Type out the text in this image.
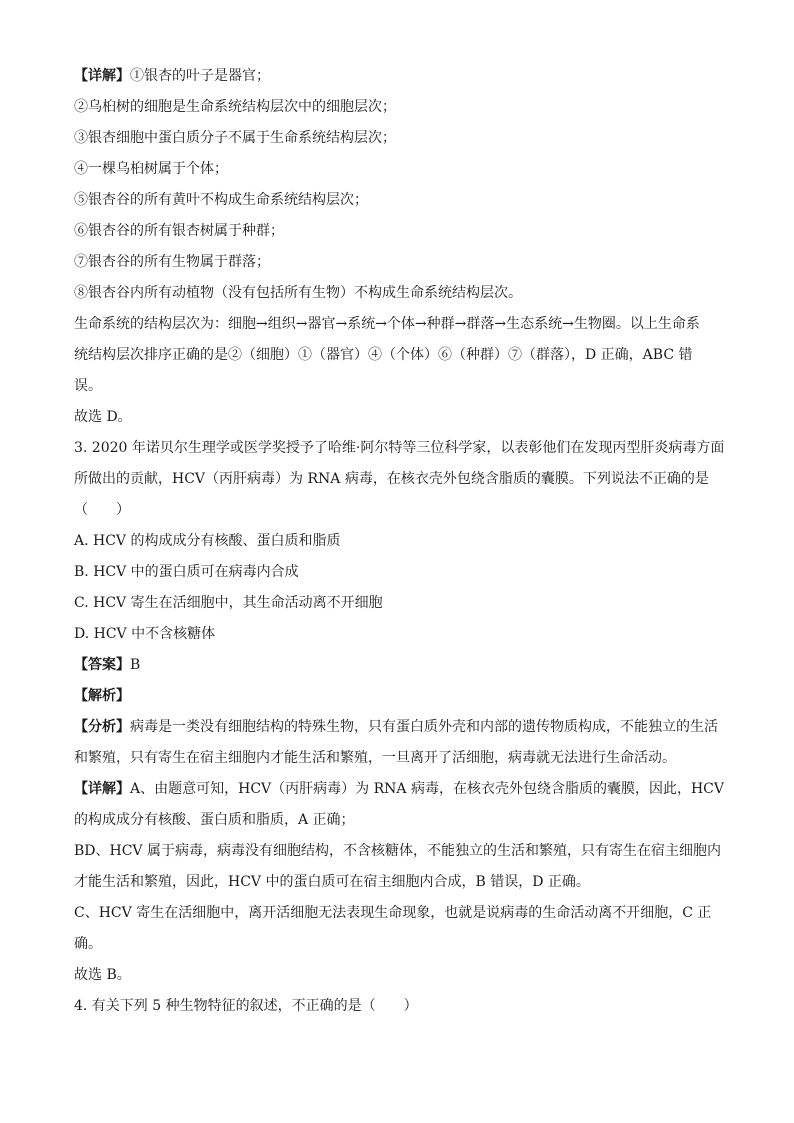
【详解】①银杏的叶子是器官；
②乌桕树的细胞是生命系统结构层次中的细胞层次；
③银杏细胞中蛋白质分子不属于生命系统结构层次；
④一棵乌桕树属于个体；
⑤银杏谷的所有黄叶不构成生命系统结构层次；
⑥银杏谷的所有银杏树属于种群；
⑦银杏谷的所有生物属于群落；
⑧银杏谷内所有动植物（没有包括所有生物）不构成生命系统结构层次。
生命系统的结构层次为：细胞→组织→器官→系统→个体→种群→群落→生态系统→生物圈。以上生命系
统结构层次排序正确的是②（细胞）①（器官）④（个体）⑥（种群）⑦（群落），D 正确，ABC 错
误。
故选 D。
3. 2020 年诺贝尔生理学或医学奖授予了哈维·阿尔特等三位科学家，以表彰他们在发现丙型肝炎病毒方面
所做出的贡献，HCV（丙肝病毒）为 RNA 病毒，在核衣壳外包绕含脂质的囊膜。下列说法不正确的是
（　　）
A. HCV 的构成成分有核酸、蛋白质和脂质
B. HCV 中的蛋白质可在病毒内合成
C. HCV 寄生在活细胞中，其生命活动离不开细胞
D. HCV 中不含核糖体
【答案】B
【解析】
【分析】病毒是一类没有细胞结构的特殊生物，只有蛋白质外壳和内部的遗传物质构成，不能独立的生活
和繁殖，只有寄生在宿主细胞内才能生活和繁殖，一旦离开了活细胞，病毒就无法进行生命活动。
【详解】A、由题意可知，HCV（丙肝病毒）为 RNA 病毒，在核衣壳外包绕含脂质的囊膜，因此，HCV
的构成成分有核酸、蛋白质和脂质，A 正确；
BD、HCV 属于病毒，病毒没有细胞结构，不含核糖体，不能独立的生活和繁殖，只有寄生在宿主细胞内
才能生活和繁殖，因此，HCV 中的蛋白质可在宿主细胞内合成，B 错误，D 正确。
C、HCV 寄生在活细胞中，离开活细胞无法表现生命现象，也就是说病毒的生命活动离不开细胞，C 正
确。
故选 B。
4. 有关下列 5 种生物特征的叙述，不正确的是（　　）
